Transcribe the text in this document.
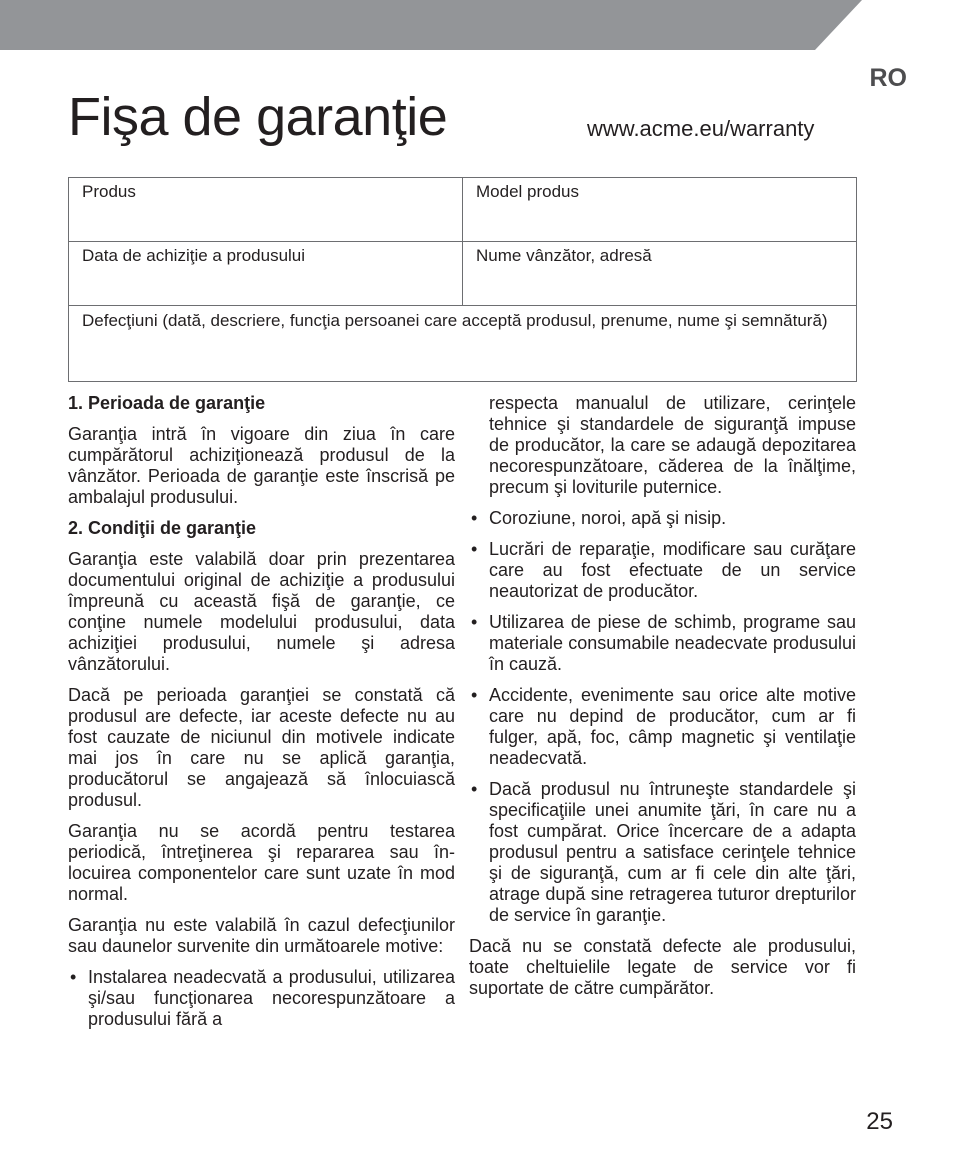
RO
Fişa de garanţie	www.acme.eu/warranty
Produs	Model produs
Data de achiziţie a produsului	Nume vânzător, adresă
Defecţiuni (dată, descriere, funcţia persoanei care acceptă produsul, prenume, nume şi semnătură)	
1. Perioada de garanţie

Garanţia intră în vigoare din ziua în care cumpărătorul achiziţionează produsul de la vânzător. Perioada de garanţie este înscrisă pe ambalajul produsului.

2. Condiţii de garanţie

Garanţia este valabilă doar prin prezentarea documentului original de achiziţie a produsului împreună cu această fişă de garanţie, ce conţine numele modelului produsului, data achiziţiei produsului, numele şi adresa vânzătorului.

Dacă pe perioada garanţiei se constată că produsul are defecte, iar aceste defecte nu au fost cauzate de niciunul din motivele indicate mai jos în care nu se aplică garanţia, producătorul se angajează să înlocuiască produsul.

Garanţia nu se acordă pentru testarea periodică, întreţinerea şi repararea sau în-locuirea componentelor care sunt uzate în mod normal.

Garanţia nu este valabilă în cazul defecţiunilor sau daunelor survenite din următoarele motive:

• Instalarea neadecvată a produsului, utilizarea şi/sau funcţionarea necorespunzătoare a produsului fără a
respecta manualul de utilizare, cerinţele tehnice şi standardele de siguranţă impuse de producător, la care se adaugă depozitarea necorespunzătoare, căderea de la înălţime, precum şi loviturile puternice.
• Coroziune, noroi, apă şi nisip.
• Lucrări de reparaţie, modificare sau curăţare care au fost efectuate de un service neautorizat de producător.
• Utilizarea de piese de schimb, programe sau materiale consumabile neadecvate produsului în cauză.
• Accidente, evenimente sau orice alte motive care nu depind de producător, cum ar fi fulger, apă, foc, câmp magnetic şi ventilaţie neadecvată.
• Dacă produsul nu întruneşte standardele şi specificaţiile unei anumite ţări, în care nu a fost cumpărat. Orice încercare de a adapta produsul pentru a satisface cerinţele tehnice şi de siguranţă, cum ar fi cele din alte ţări, atrage după sine retragerea tuturor drepturilor de service în garanţie.

Dacă nu se constată defecte ale produsului, toate cheltuielile legate de service vor fi suportate de către cumpărător.

25
